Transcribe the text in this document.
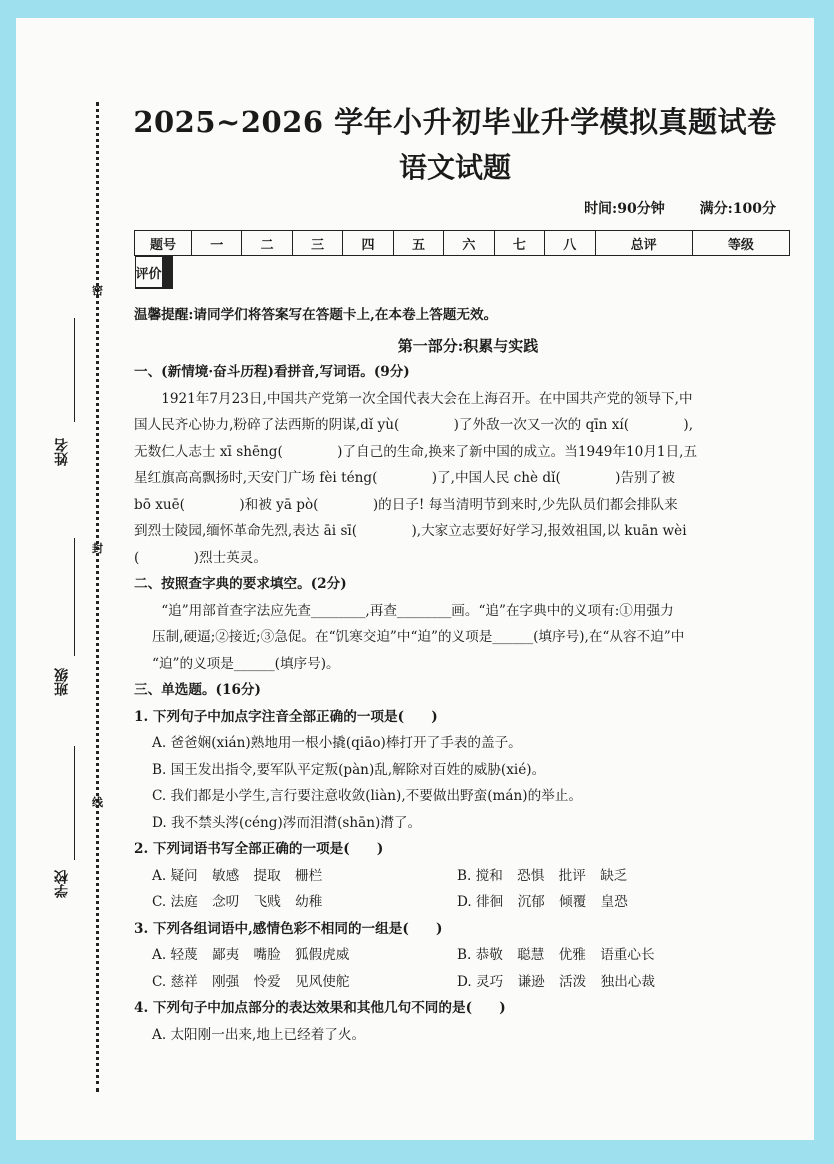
密
封
线
姓名
班级
学校
2025~2026 学年小升初毕业升学模拟真题试卷
语文试题
时间:90分钟 满分:100分
题号	一	二	三	四	五	六	七	八	总评	等级
评价										
温馨提醒:请同学们将答案写在答题卡上,在本卷上答题无效。
第一部分:积累与实践
一、(新情境·奋斗历程)看拼音,写词语。(9分)
1921年7月23日,中国共产党第一次全国代表大会在上海召开。在中国共产党的领导下,中
国人民齐心协力,粉碎了法西斯的阴谋,dǐ yù(　　　　)了外敌一次又一次的 qīn xí(　　　　),
无数仁人志士 xī shēng(　　　　)了自己的生命,换来了新中国的成立。当1949年10月1日,五
星红旗高高飘扬时,天安门广场 fèi téng(　　　　)了,中国人民 chè dǐ(　　　　)告别了被
bō xuē(　　　　)和被 yā pò(　　　　)的日子! 每当清明节到来时,少先队员们都会排队来
到烈士陵园,缅怀革命先烈,表达 āi sī(　　　　),大家立志要好好学习,报效祖国,以 kuān wèi
(　　　　)烈士英灵。
二、按照查字典的要求填空。(2分)
“追”用部首查字法应先查________,再查________画。“追”在字典中的义项有:①用强力
压制,硬逼;②接近;③急促。在“饥寒交迫”中“迫”的义项是______(填序号),在“从容不迫”中
“迫”的义项是______(填序号)。
三、单选题。(16分)
1. 下列句子中加点字注音全部正确的一项是(　　)
A. 爸爸娴(xián)熟地用一根小撬(qiāo)棒打开了手表的盖子。
B. 国王发出指令,要军队平定叛(pàn)乱,解除对百姓的威胁(xié)。
C. 我们都是小学生,言行要注意收敛(liàn),不要做出野蛮(mán)的举止。
D. 我不禁头涔(céng)涔而泪潸(shān)潸了。
2. 下列词语书写全部正确的一项是(　　)
A. 疑问 敏感 提取 栅栏	B. 搅和 恐惧 批评 缺乏
C. 法庭 念叨 飞贱 幼稚	D. 徘徊 沉郁 倾覆 皇恐
3. 下列各组词语中,感情色彩不相同的一组是(　　)
A. 轻蔑 鄙夷 嘴脸 狐假虎威	B. 恭敬 聪慧 优雅 语重心长
C. 慈祥 刚强 怜爱 见风使舵	D. 灵巧 谦逊 活泼 独出心裁
4. 下列句子中加点部分的表达效果和其他几句不同的是(　　)
A. 太阳刚一出来,地上已经着了火。
